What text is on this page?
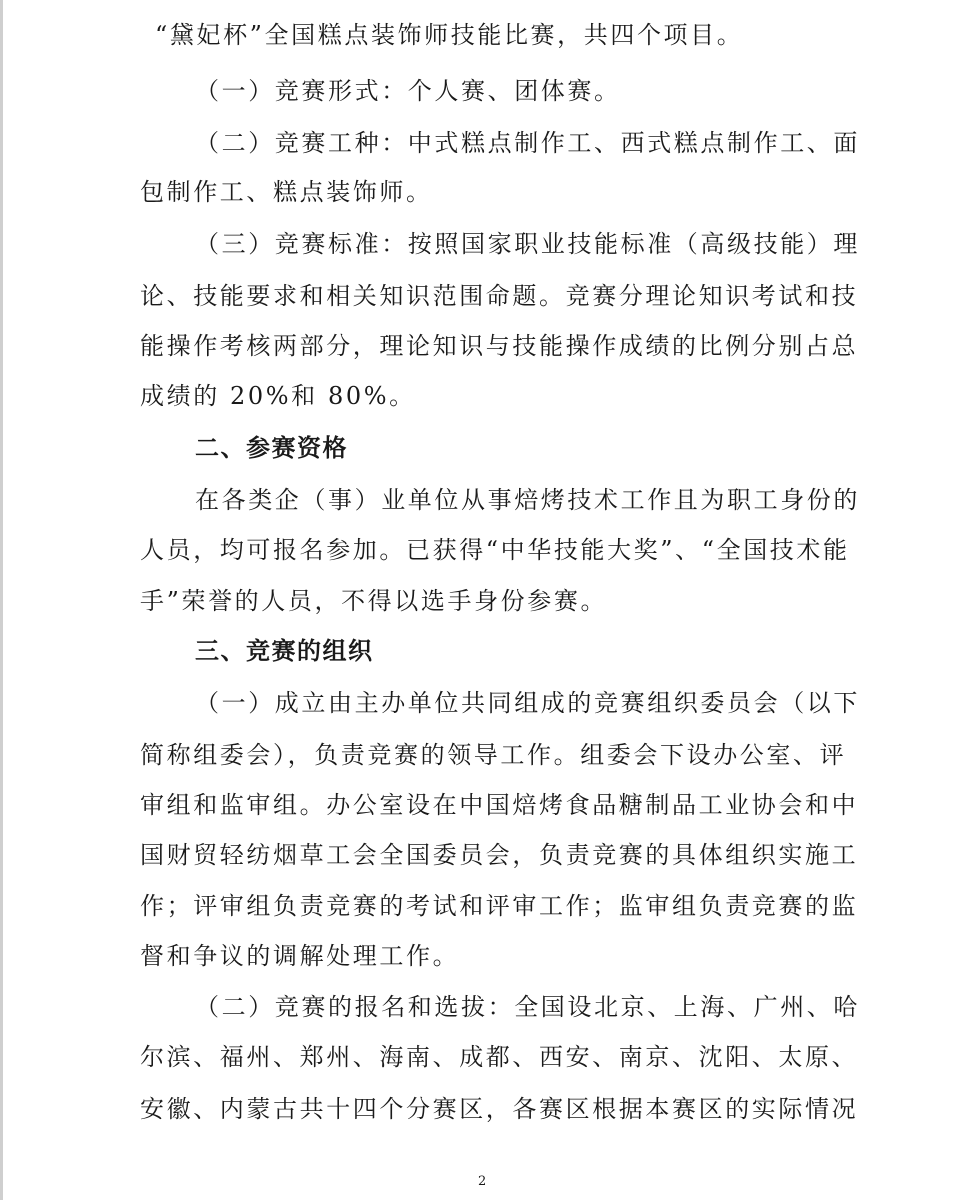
“黛妃杯”全国糕点装饰师技能比赛，共四个项目。
（一）竞赛形式：个人赛、团体赛。
（二）竞赛工种：中式糕点制作工、西式糕点制作工、面
包制作工、糕点装饰师。
（三）竞赛标准：按照国家职业技能标准（高级技能）理
论、技能要求和相关知识范围命题。竞赛分理论知识考试和技
能操作考核两部分，理论知识与技能操作成绩的比例分别占总
成绩的 20%和 80%。
二、参赛资格
在各类企（事）业单位从事焙烤技术工作且为职工身份的
人员，均可报名参加。已获得“中华技能大奖”、“全国技术能
手”荣誉的人员，不得以选手身份参赛。
三、竞赛的组织
（一）成立由主办单位共同组成的竞赛组织委员会（以下
简称组委会），负责竞赛的领导工作。组委会下设办公室、评
审组和监审组。办公室设在中国焙烤食品糖制品工业协会和中
国财贸轻纺烟草工会全国委员会，负责竞赛的具体组织实施工
作；评审组负责竞赛的考试和评审工作；监审组负责竞赛的监
督和争议的调解处理工作。
（二）竞赛的报名和选拔：全国设北京、上海、广州、哈
尔滨、福州、郑州、海南、成都、西安、南京、沈阳、太原、
安徽、内蒙古共十四个分赛区，各赛区根据本赛区的实际情况
2
